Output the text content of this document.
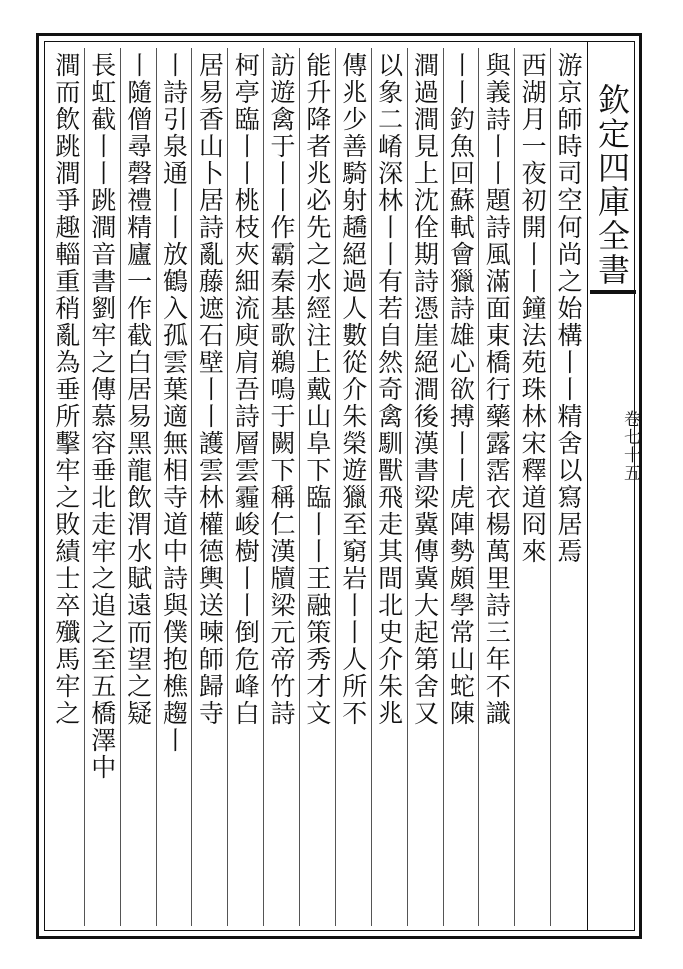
欽定四庫全書
卷七十五
游京師時司空何尚之始構丨丨精舍以寫居焉
西湖月一夜初開丨丨鐘法苑珠林宋釋道冏來
與義詩丨丨題詩風滿面東橋行藥露霑衣楊萬里詩三年不識
丨丨釣魚回蘇軾會獵詩雄心欲搏丨丨虎陣勢頗學常山蛇陳
澗過澗見上沈佺期詩憑崖絕澗後漢書梁冀傳冀大起第舍又
以象二崤深林丨丨有若自然奇禽馴獸飛走其間北史介朱兆
傳兆少善騎射趫絕過人數從介朱榮遊獵至窮岩丨丨人所不
能升降者兆必先之水經注上戴山阜下臨丨丨王融策秀才文
訪遊禽于丨丨作霸秦基歌鵜鳴于闕下稱仁漢牘梁元帝竹詩
柯亭臨丨丨桃枝夾細流庾肩吾詩層雲霾峻樹丨丨倒危峰白
居易香山卜居詩亂藤遮石壁丨丨護雲林權德輿送暕師歸寺
丨詩引泉通丨丨放鶴入孤雲葉適無相寺道中詩與僕抱樵趨丨
丨隨僧尋磬禮精廬一作截白居易黑龍飲渭水賦遠而望之疑
長虹截丨丨跳澗音書劉牢之傳慕容垂北走牢之追之至五橋澤中
澗而飲跳澗爭趣輜重稍亂為垂所擊牢之敗績士卒殲馬牢之
